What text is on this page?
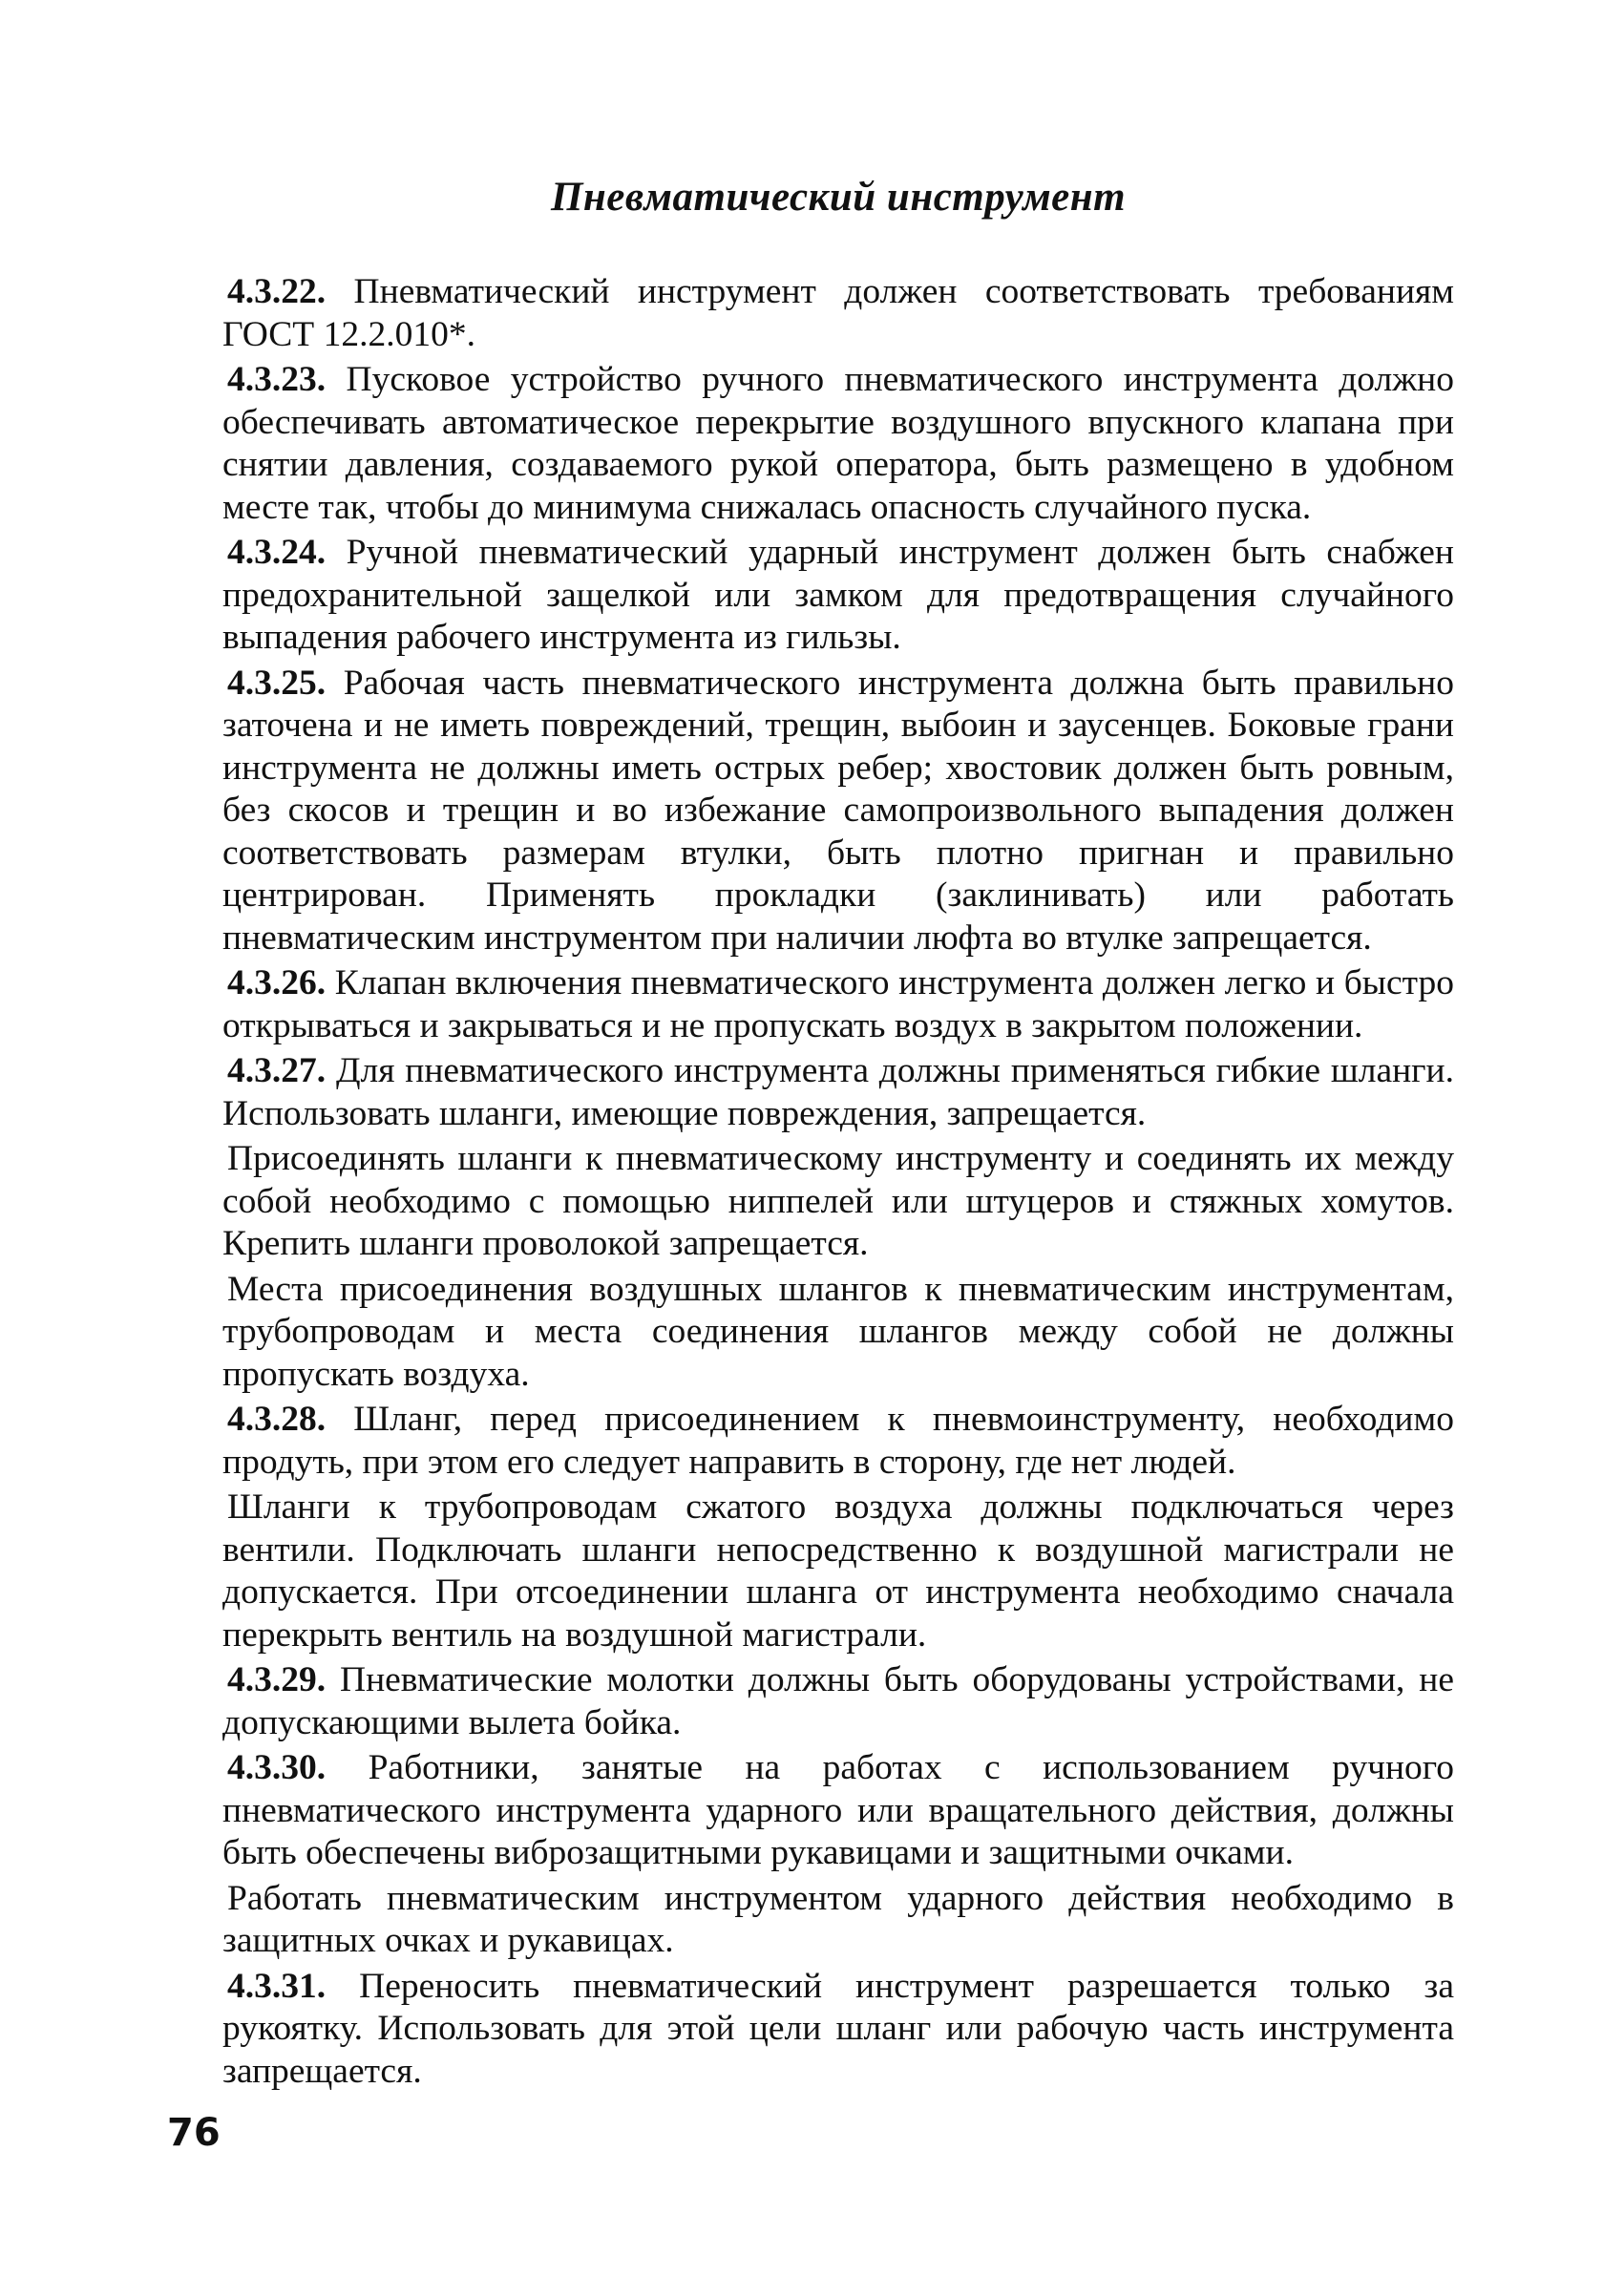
Пневматический инструмент

4.3.22. Пневматический инструмент должен соответствовать требованиям ГОСТ 12.2.010*.

4.3.23. Пусковое устройство ручного пневматического инструмента должно обеспечивать автоматическое перекрытие воздушного впускного клапана при снятии давления, создаваемого рукой оператора, быть размещено в удобном месте так, чтобы до минимума снижалась опасность случайного пуска.

4.3.24. Ручной пневматический ударный инструмент должен быть снабжен предохранительной защелкой или замком для предотвращения случайного выпадения рабочего инструмента из гильзы.

4.3.25. Рабочая часть пневматического инструмента должна быть правильно заточена и не иметь повреждений, трещин, выбоин и заусенцев. Боковые грани инструмента не должны иметь острых ребер; хвостовик должен быть ровным, без скосов и трещин и во избежание самопроизвольного выпадения должен соответствовать размерам втулки, быть плотно пригнан и правильно центрирован. Применять прокладки (заклинивать) или работать пневматическим инструментом при наличии люфта во втулке запрещается.

4.3.26. Клапан включения пневматического инструмента должен легко и быстро открываться и закрываться и не пропускать воздух в закрытом положении.

4.3.27. Для пневматического инструмента должны применяться гибкие шланги. Использовать шланги, имеющие повреждения, запрещается.

Присоединять шланги к пневматическому инструменту и соединять их между собой необходимо с помощью ниппелей или штуцеров и стяжных хомутов. Крепить шланги проволокой запрещается.

Места присоединения воздушных шлангов к пневматическим инструментам, трубопроводам и места соединения шлангов между собой не должны пропускать воздуха.

4.3.28. Шланг, перед присоединением к пневмоинструменту, необходимо продуть, при этом его следует направить в сторону, где нет людей.

Шланги к трубопроводам сжатого воздуха должны подключаться через вентили. Подключать шланги непосредственно к воздушной магистрали не допускается. При отсоединении шланга от инструмента необходимо сначала перекрыть вентиль на воздушной магистрали.

4.3.29. Пневматические молотки должны быть оборудованы устройствами, не допускающими вылета бойка.

4.3.30. Работники, занятые на работах с использованием ручного пневматического инструмента ударного или вращательного действия, должны быть обеспечены виброзащитными рукавицами и защитными очками.

Работать пневматическим инструментом ударного действия необходимо в защитных очках и рукавицах.

4.3.31. Переносить пневматический инструмент разрешается только за рукоятку. Использовать для этой цели шланг или рабочую часть инструмента запрещается.

76
